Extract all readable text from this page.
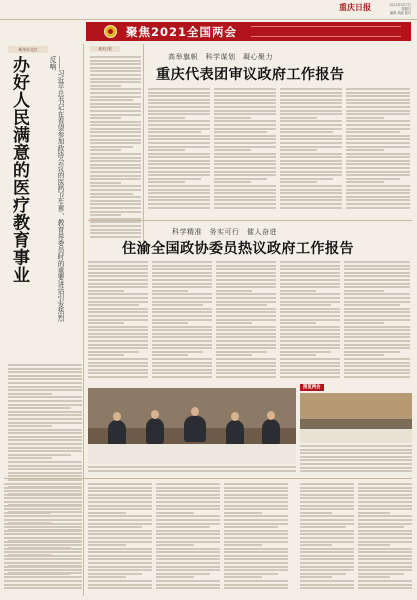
重庆日报	2021年3月7日
星期日
编辑 美编 校对
聚焦2021全国两会
新华社北京
办好人民满意的医疗教育事业	——习近平总书记在看望参加政协会议的医药卫生界、教育界委员时的重要讲话引发热烈反响
重庆日报
高举旗帜　科学谋划　凝心聚力
重庆代表团审议政府工作报告
科学精准　务实可行　催人奋进
住渝全国政协委员热议政府工作报告
图览两会
